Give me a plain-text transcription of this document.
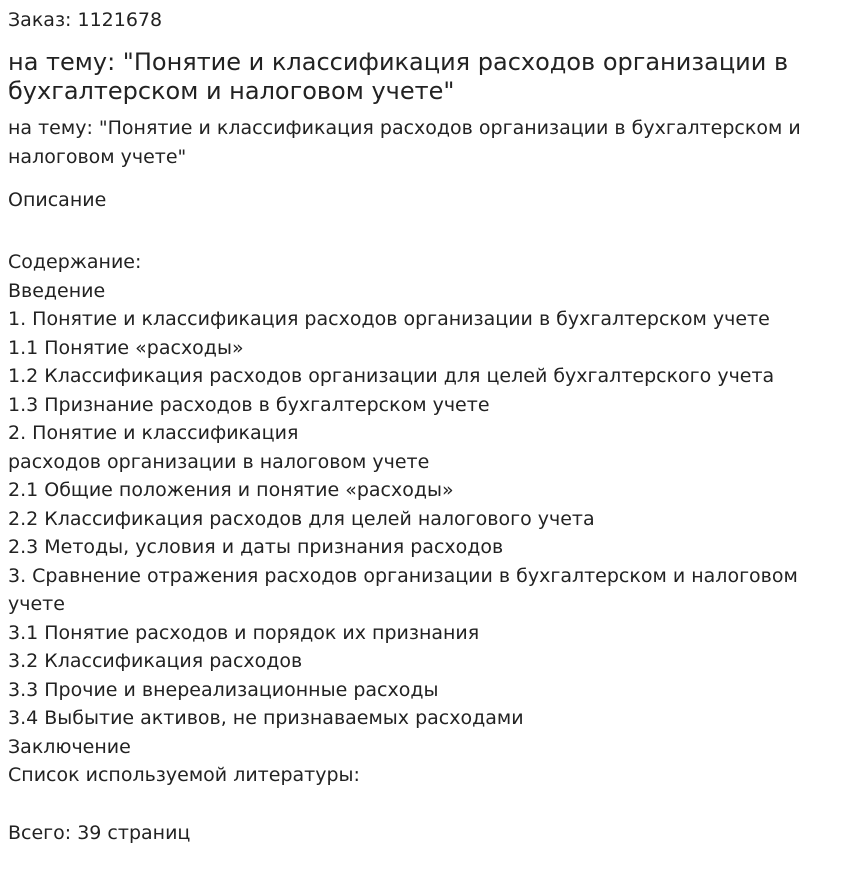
Заказ: 1121678

на тему: "Понятие и классификация расходов организации в бухгалтерском и налоговом учете"

на тему: "Понятие и классификация расходов организации в бухгалтерском и налоговом учете"

Описание

Содержание:
Введение
1. Понятие и классификация расходов организации в бухгалтерском учете
1.1 Понятие «расходы»
1.2 Классификация расходов организации для целей бухгалтерского учета
1.3 Признание расходов в бухгалтерском учете
2. Понятие и классификация
расходов организации в налоговом учете
2.1 Общие положения и понятие «расходы»
2.2 Классификация расходов для целей налогового учета
2.3 Методы, условия и даты признания расходов
3. Сравнение отражения расходов организации в бухгалтерском и налоговом учете
3.1 Понятие расходов и порядок их признания
3.2 Классификация расходов
3.3 Прочие и внереализационные расходы
3.4 Выбытие активов, не признаваемых расходами
Заключение
Список используемой литературы:

Всего: 39 страниц
